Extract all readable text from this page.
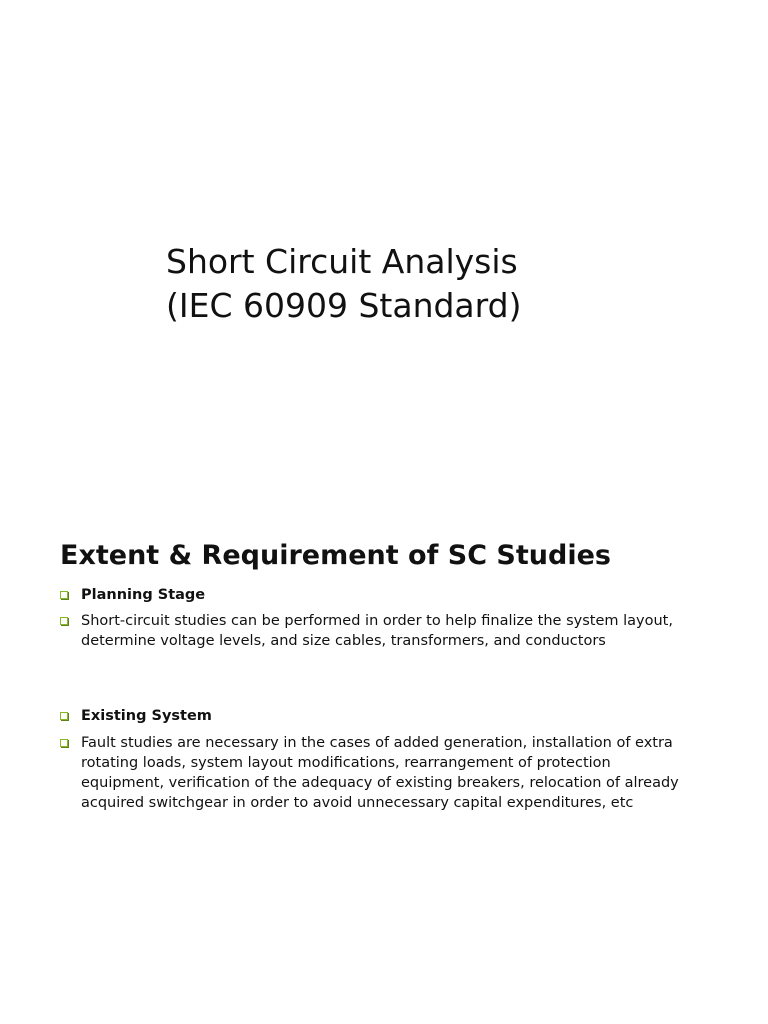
Short Circuit Analysis
(IEC 60909 Standard)
Extent & Requirement of SC Studies
Planning Stage
Short-circuit studies can be performed in order to help finalize the system layout, determine voltage levels, and size cables, transformers, and conductors
Existing System
Fault studies are necessary in the cases of added generation, installation of extra rotating loads, system layout modifications, rearrangement of protection equipment, verification of the adequacy of existing breakers, relocation of already acquired switchgear in order to avoid unnecessary capital expenditures, etc
